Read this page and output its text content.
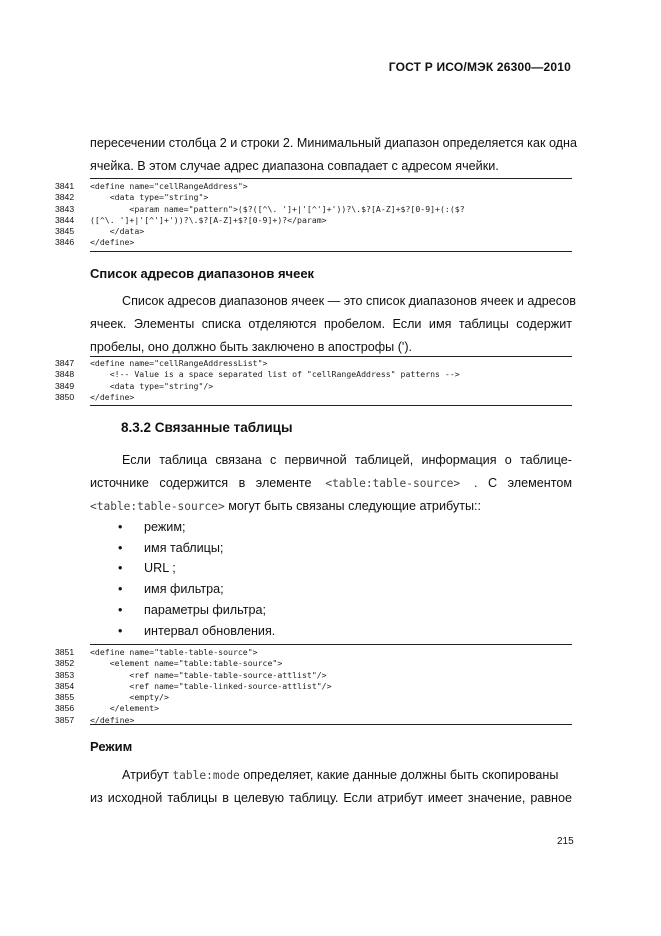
ГОСТ Р ИСО/МЭК 26300—2010
пересечении столбца 2 и строки 2. Минимальный диапазон определяется как одна
ячейка. В этом случае адрес диапазона совпадает с адресом ячейки.
3841	<define name="cellRangeAddress">
3842	<data type="string">
3843	<param name="pattern">($?([^\. ']+|'[^']+'))?\.$?[A-Z]+$?[0-9]+(:($?
3844	([^\. ']+|'[^']+'))?\.$?[A-Z]+$?[0-9]+)?</param>
3845	</data>
3846	</define>
Список адресов диапазонов ячеек
Список адресов диапазонов ячеек — это список диапазонов ячеек и адресов
ячеек. Элементы списка отделяются пробелом. Если имя таблицы содержит
пробелы, оно должно быть заключено в апострофы (').
3847	<define name="cellRangeAddressList">
3848	<!-- Value is a space separated list of "cellRangeAddress" patterns -->
3849	<data type="string"/>
3850	</define>
8.3.2 Связанные таблицы
Если таблица связана с первичной таблицей, информация о таблице-
источнике   содержится   в   элементе <table:table-source> .   С   элементом
<table:table-source> могут быть связаны следующие атрибуты::
• режим;
• имя таблицы;
• URL ;
• имя фильтра;
• параметры фильтра;
• интервал обновления.
3851	<define name="table-table-source">
3852	<element name="table:table-source">
3853	<ref name="table-table-source-attlist"/>
3854	<ref name="table-linked-source-attlist"/>
3855	<empty/>
3856	</element>
3857	</define>
Режим
Атрибут table:mode определяет, какие данные должны быть скопированы
из исходной таблицы в целевую таблицу. Если атрибут имеет значение, равное
215
